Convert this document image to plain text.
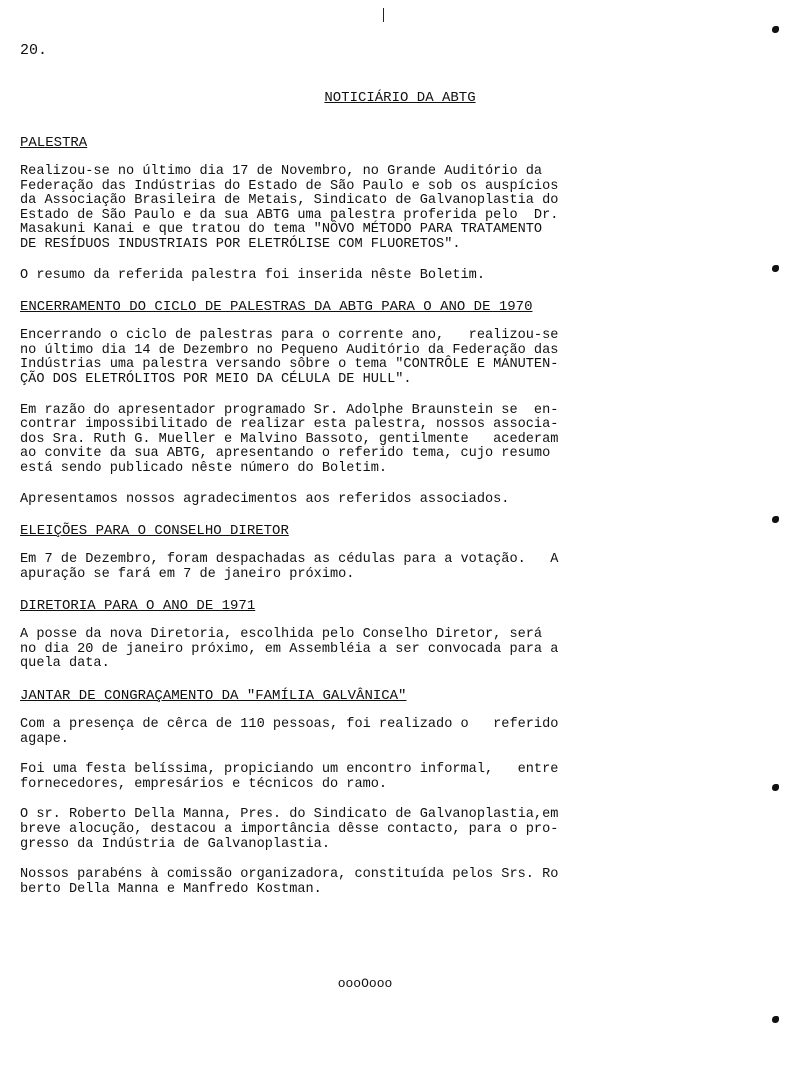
20.
NOTICIÁRIO DA ABTG
PALESTRA
Realizou-se no último dia 17 de Novembro, no Grande Auditório da
Federação das Indústrias do Estado de São Paulo e sob os auspícios
da Associação Brasileira de Metais, Sindicato de Galvanoplastia do
Estado de São Paulo e da sua ABTG uma palestra proferida pelo  Dr.
Masakuni Kanai e que tratou do tema "NÔVO MÉTODO PARA TRATAMENTO
DE RESÍDUOS INDUSTRIAIS POR ELETRÓLISE COM FLUORETOS".
O resumo da referida palestra foi inserida nêste Boletim.
ENCERRAMENTO DO CICLO DE PALESTRAS DA ABTG PARA O ANO DE 1970
Encerrando o ciclo de palestras para o corrente ano,   realizou-se
no último dia 14 de Dezembro no Pequeno Auditório da Federação das
Indústrias uma palestra versando sôbre o tema "CONTRÔLE E MANUTEN-
ÇÃO DOS ELETRÓLITOS POR MEIO DA CÉLULA DE HULL".
Em razão do apresentador programado Sr. Adolphe Braunstein se  en-
contrar impossibilitado de realizar esta palestra, nossos associa-
dos Sra. Ruth G. Mueller e Malvino Bassoto, gentilmente   acederam
ao convite da sua ABTG, apresentando o referido tema, cujo resumo
está sendo publicado nêste número do Boletim.
Apresentamos nossos agradecimentos aos referidos associados.
ELEIÇÕES PARA O CONSELHO DIRETOR
Em 7 de Dezembro, foram despachadas as cédulas para a votação.   A
apuração se fará em 7 de janeiro próximo.
DIRETORIA PARA O ANO DE 1971
A posse da nova Diretoria, escolhida pelo Conselho Diretor, será
no dia 20 de janeiro próximo, em Assembléia a ser convocada para a
quela data.
JANTAR DE CONGRAÇAMENTO DA "FAMÍLIA GALVÂNICA"
Com a presença de cêrca de 110 pessoas, foi realizado o   referido
agape.
Foi uma festa belíssima, propiciando um encontro informal,   entre
fornecedores, empresários e técnicos do ramo.
O sr. Roberto Della Manna, Pres. do Sindicato de Galvanoplastia,em
breve alocução, destacou a importância dêsse contacto, para o pro-
gresso da Indústria de Galvanoplastia.
Nossos parabéns à comissão organizadora, constituída pelos Srs. Ro
berto Della Manna e Manfredo Kostman.
oooOooo
